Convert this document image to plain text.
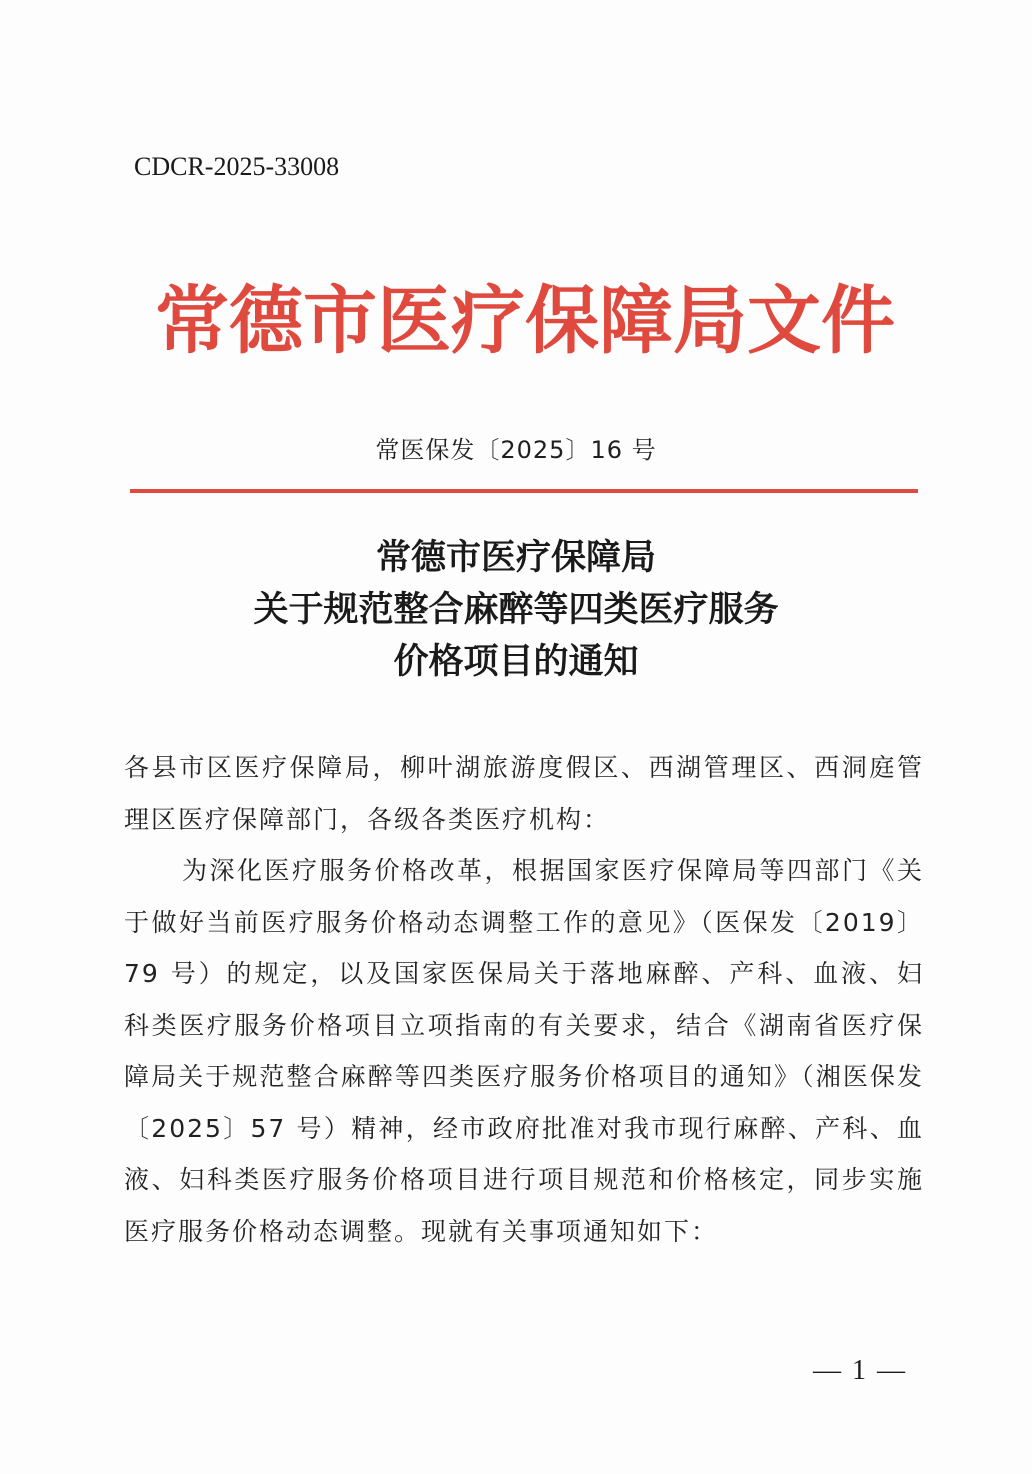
CDCR-2025-33008
常德市医疗保障局文件
常医保发〔2025〕16 号
常德市医疗保障局
关于规范整合麻醉等四类医疗服务
价格项目的通知

各县市区医疗保障局，柳叶湖旅游度假区、西湖管理区、西洞庭管理区医疗保障部门，各级各类医疗机构：

为深化医疗服务价格改革，根据国家医疗保障局等四部门《关于做好当前医疗服务价格动态调整工作的意见》（医保发〔2019〕79 号）的规定，以及国家医保局关于落地麻醉、产科、血液、妇科类医疗服务价格项目立项指南的有关要求，结合《湖南省医疗保障局关于规范整合麻醉等四类医疗服务价格项目的通知》（湘医保发〔2025〕57 号）精神，经市政府批准对我市现行麻醉、产科、血液、妇科类医疗服务价格项目进行项目规范和价格核定，同步实施医疗服务价格动态调整。现就有关事项通知如下：

— 1 —
